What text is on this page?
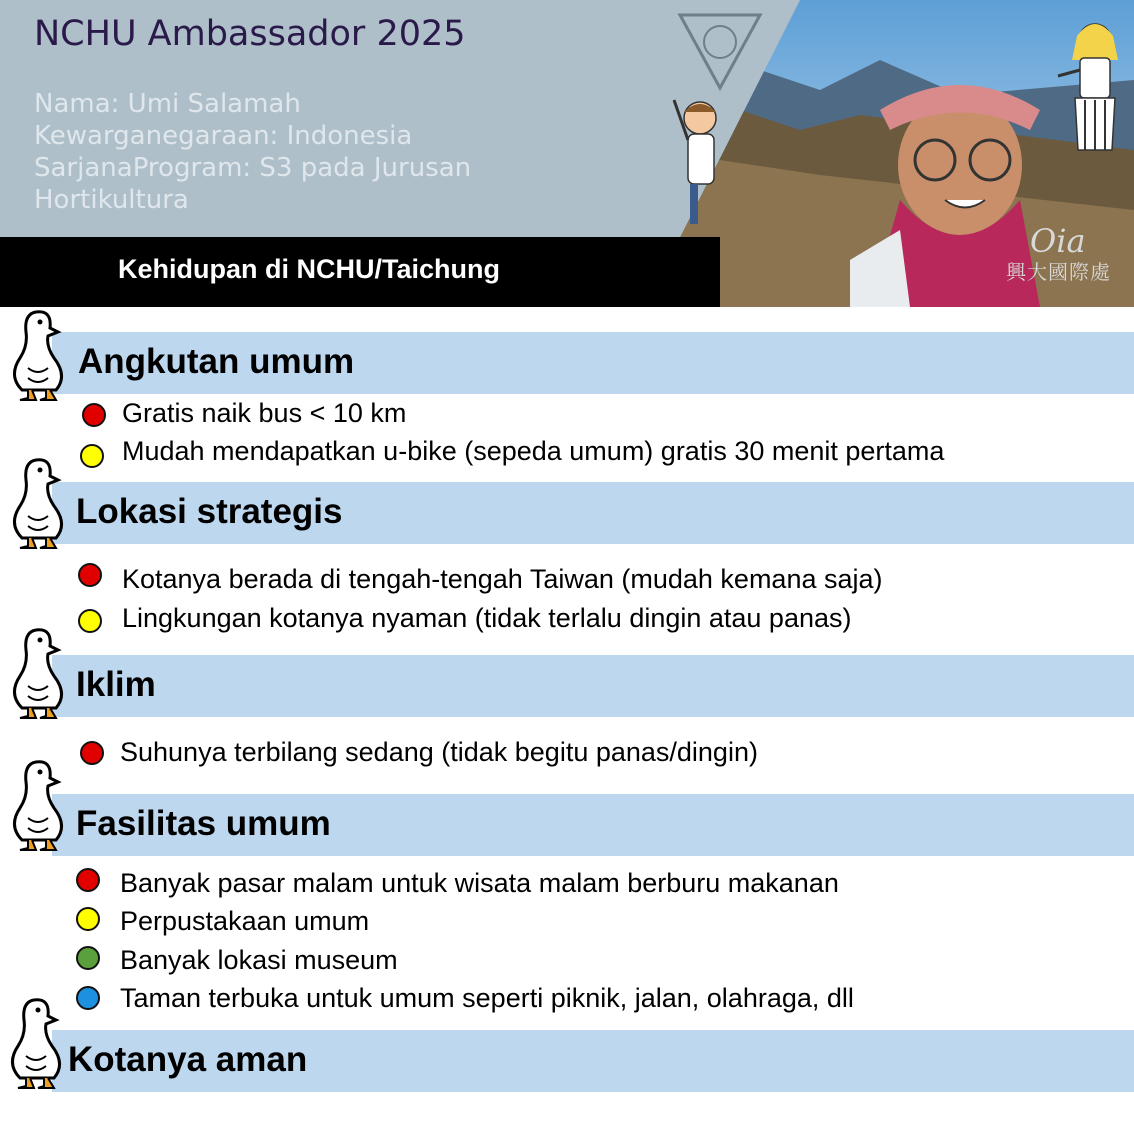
NCHU Ambassador 2025
Nama: Umi Salamah
Kewarganegaraan: Indonesia
SarjanaProgram: S3 pada Jurusan
Hortikultura
Kehidupan di NCHU/Taichung
Oia
興大國際處
Angkutan umum
Lokasi strategis
Iklim
Fasilitas umum
Kotanya aman
Gratis naik bus < 10 km
Mudah mendapatkan u-bike (sepeda umum) gratis 30 menit pertama
Kotanya berada di tengah-tengah Taiwan (mudah kemana saja)
Lingkungan kotanya nyaman (tidak terlalu dingin atau panas)
Suhunya terbilang sedang (tidak begitu panas/dingin)
Banyak pasar malam untuk wisata malam berburu makanan
Perpustakaan umum
Banyak lokasi museum
Taman terbuka untuk umum seperti piknik, jalan, olahraga, dll
